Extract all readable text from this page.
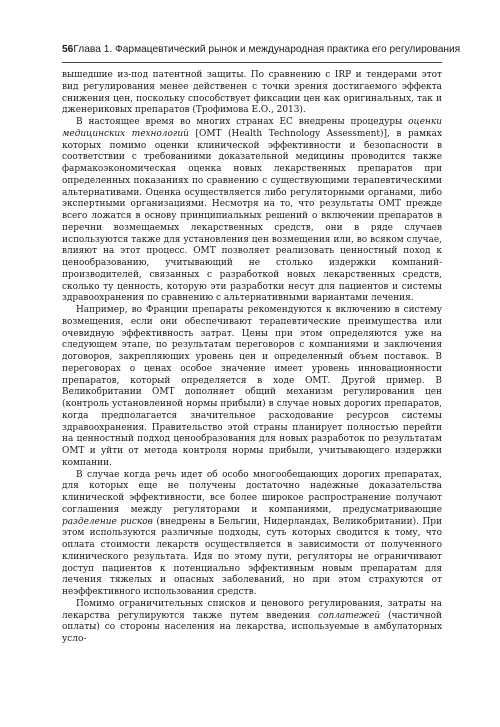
56 Глава 1. Фармацевтический рынок и международная практика его регулирования

вышедшие из-под патентной защиты. По сравнению с IRP и тендерами этот вид регулирования менее действенен с точки зрения достигаемого эффекта снижения цен, поскольку способствует фиксации цен как оригинальных, так и дженериковых препаратов (Трофимова Е.О., 2013).

В настоящее время во многих странах ЕС внедрены процедуры оценки медицинских технологий [ОМТ (Health Technology Assessment)], в рамках которых помимо оценки клинической эффективности и безопасности в соответствии с требованиями доказательной медицины проводится также фармакоэкономическая оценка новых лекарственных препаратов при определенных показаниях по сравнению с существующими терапевтическими альтернативами. Оценка осуществляется либо регуляторными органами, либо экспертными организациями. Несмотря на то, что результаты ОМТ прежде всего ложатся в основу принципиальных решений о включении препаратов в перечни возмещаемых лекарственных средств, они в ряде случаев используются также для установления цен возмещения или, во всяком случае, влияют на этот процесс. ОМТ позволяет реализовать ценностный поход к ценообразованию, учитывающий не столько издержки компаний-производителей, связанных с разработкой новых лекарственных средств, сколько ту ценность, которую эти разработки несут для пациентов и системы здравоохранения по сравнению с альтернативными вариантами лечения.

Например, во Франции препараты рекомендуются к включению в систему возмещения, если они обеспечивают терапевтические преимущества или очевидную эффективность затрат. Цены при этом определяются уже на следующем этапе, по результатам переговоров с компаниями и заключения договоров, закрепляющих уровень цен и определенный объем поставок. В переговорах о ценах особое значение имеет уровень инновационности препаратов, который определяется в ходе ОМТ. Другой пример. В Великобритании ОМТ дополняет общий механизм регулирования цен (контроль установленной нормы прибыли) в случае новых дорогих препаратов, когда предполагается значительное расходование ресурсов системы здравоохранения. Правительство этой страны планирует полностью перейти на ценностный подход ценообразования для новых разработок по результатам ОМТ и уйти от метода контроля нормы прибыли, учитывающего издержки компании.

В случае когда речь идет об особо многообещающих дорогих препаратах, для которых еще не получены достаточно надежные доказательства клинической эффективности, все более широкое распространение получают соглашения между регуляторами и компаниями, предусматривающие разделение рисков (внедрены в Бельгии, Нидерландах, Великобритании). При этом используются различные подходы, суть которых сводится к тому, что оплата стоимости лекарств осуществляется в зависимости от полученного клинического результата. Идя по этому пути, регуляторы не ограничивают доступ пациентов к потенциально эффективным новым препаратам для лечения тяжелых и опасных заболеваний, но при этом страхуются от неэффективного использования средств.

Помимо ограничительных списков и ценового регулирования, затраты на лекарства регулируются также путем введения соплатежей (частичной оплаты) со стороны населения на лекарства, используемые в амбулаторных усло-
